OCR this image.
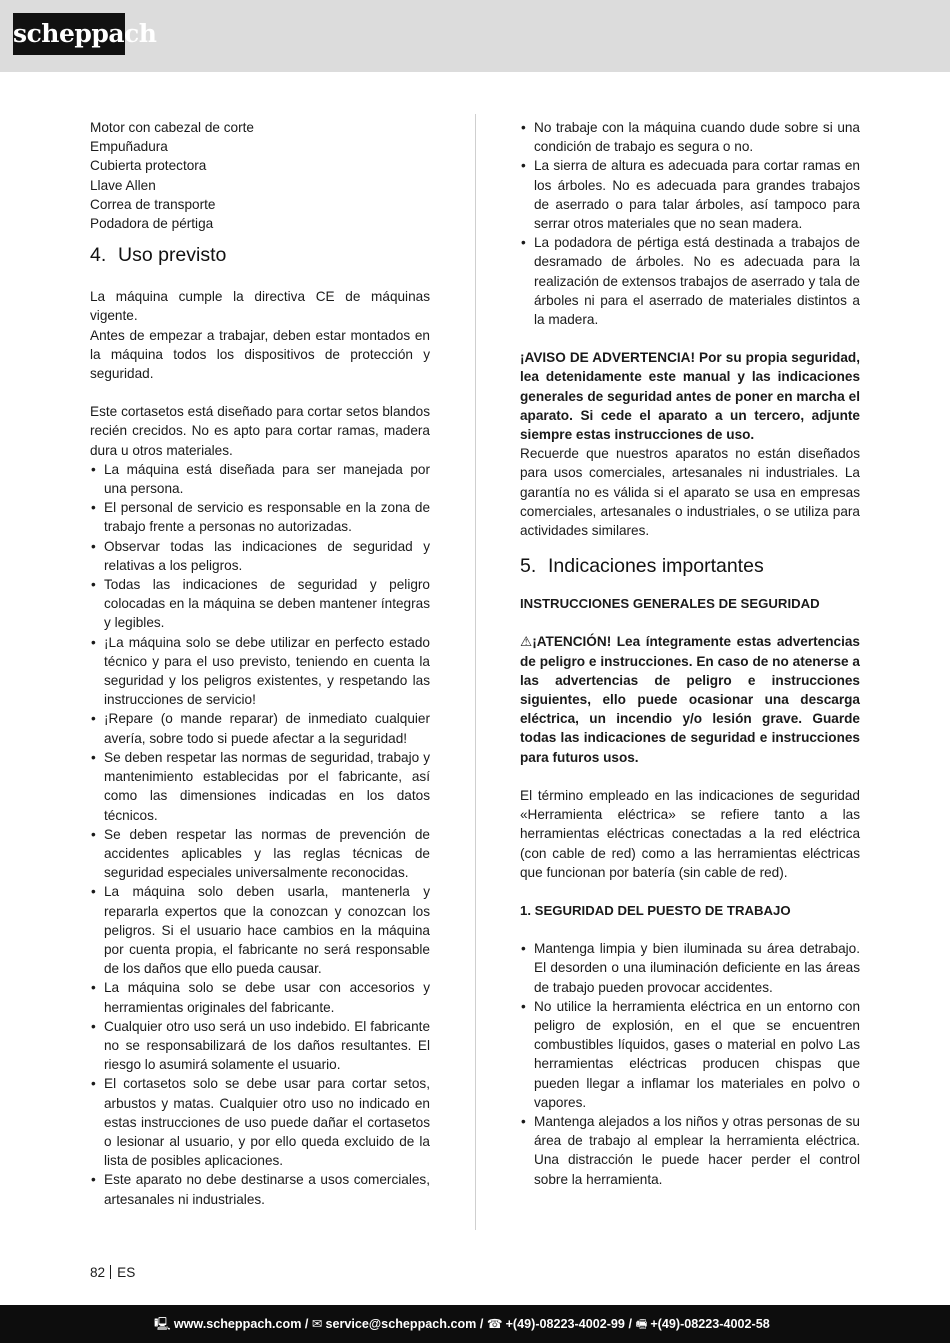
scheppach
Motor con cabezal de corte
Empuñadura
Cubierta protectora
Llave Allen
Correa de transporte
Podadora de pértiga
4. Uso previsto

La máquina cumple la directiva CE de máquinas vigente.

Antes de empezar a trabajar, deben estar montados en la máquina todos los dispositivos de protección y seguridad.

Este cortasetos está diseñado para cortar setos blandos recién crecidos. No es apto para cortar ramas, madera dura u otros materiales.

• La máquina está diseñada para ser manejada por una persona.
• El personal de servicio es responsable en la zona de trabajo frente a personas no autorizadas.
• Observar todas las indicaciones de seguridad y relativas a los peligros.
• Todas las indicaciones de seguridad y peligro colocadas en la máquina se deben mantener íntegras y legibles.
• ¡La máquina solo se debe utilizar en perfecto estado técnico y para el uso previsto, teniendo en cuenta la seguridad y los peligros existentes, y respetando las instrucciones de servicio!
• ¡Repare (o mande reparar) de inmediato cualquier avería, sobre todo si puede afectar a la seguridad!
• Se deben respetar las normas de seguridad, trabajo y mantenimiento establecidas por el fabricante, así como las dimensiones indicadas en los datos técnicos.
• Se deben respetar las normas de prevención de accidentes aplicables y las reglas técnicas de seguridad especiales universalmente reconocidas.
• La máquina solo deben usarla, mantenerla y repararla expertos que la conozcan y conozcan los peligros. Si el usuario hace cambios en la máquina por cuenta propia, el fabricante no será responsable de los daños que ello pueda causar.
• La máquina solo se debe usar con accesorios y herramientas originales del fabricante.
• Cualquier otro uso será un uso indebido. El fabricante no se responsabilizará de los daños resultantes. El riesgo lo asumirá solamente el usuario.
• El cortasetos solo se debe usar para cortar setos, arbustos y matas. Cualquier otro uso no indicado en estas instrucciones de uso puede dañar el cortasetos o lesionar al usuario, y por ello queda excluido de la lista de posibles aplicaciones.
• Este aparato no debe destinarse a usos comerciales, artesanales ni industriales.
• No trabaje con la máquina cuando dude sobre si una condición de trabajo es segura o no.
• La sierra de altura es adecuada para cortar ramas en los árboles. No es adecuada para grandes trabajos de aserrado o para talar árboles, así tampoco para serrar otros materiales que no sean madera.
• La podadora de pértiga está destinada a trabajos de desramado de árboles. No es adecuada para la realización de extensos trabajos de aserrado y tala de árboles ni para el aserrado de materiales distintos a la madera.

¡AVISO DE ADVERTENCIA! Por su propia seguridad, lea detenidamente este manual y las indicaciones generales de seguridad antes de poner en marcha el aparato. Si cede el aparato a un tercero, adjunte siempre estas instrucciones de uso.

Recuerde que nuestros aparatos no están diseñados para usos comerciales, artesanales ni industriales. La garantía no es válida si el aparato se usa en empresas comerciales, artesanales o industriales, o se utiliza para actividades similares.

5. Indicaciones importantes

INSTRUCCIONES GENERALES DE SEGURIDAD

⚠¡ATENCIÓN! Lea íntegramente estas advertencias de peligro e instrucciones. En caso de no atenerse a las advertencias de peligro e instrucciones siguientes, ello puede ocasionar una descarga eléctrica, un incendio y/o lesión grave. Guarde todas las indicaciones de seguridad e instrucciones para futuros usos.

El término empleado en las indicaciones de seguridad «Herramienta eléctrica» se refiere tanto a las herramientas eléctricas conectadas a la red eléctrica (con cable de red) como a las herramientas eléctricas que funcionan por batería (sin cable de red).

1. SEGURIDAD DEL PUESTO DE TRABAJO

• Mantenga limpia y bien iluminada su área detrabajo. El desorden o una iluminación deficiente en las áreas de trabajo pueden provocar accidentes.
• No utilice la herramienta eléctrica en un entorno con peligro de explosión, en el que se encuentren combustibles líquidos, gases o material en polvo Las herramientas eléctricas producen chispas que pueden llegar a inflamar los materiales en polvo o vapores.
• Mantenga alejados a los niños y otras personas de su área de trabajo al emplear la herramienta eléctrica. Una distracción le puede hacer perder el control sobre la herramienta.
82 ES
🖳 www.scheppach.com / ✉ service@scheppach.com / ☎ +(49)-08223-4002-99 / 🖷 +(49)-08223-4002-58
